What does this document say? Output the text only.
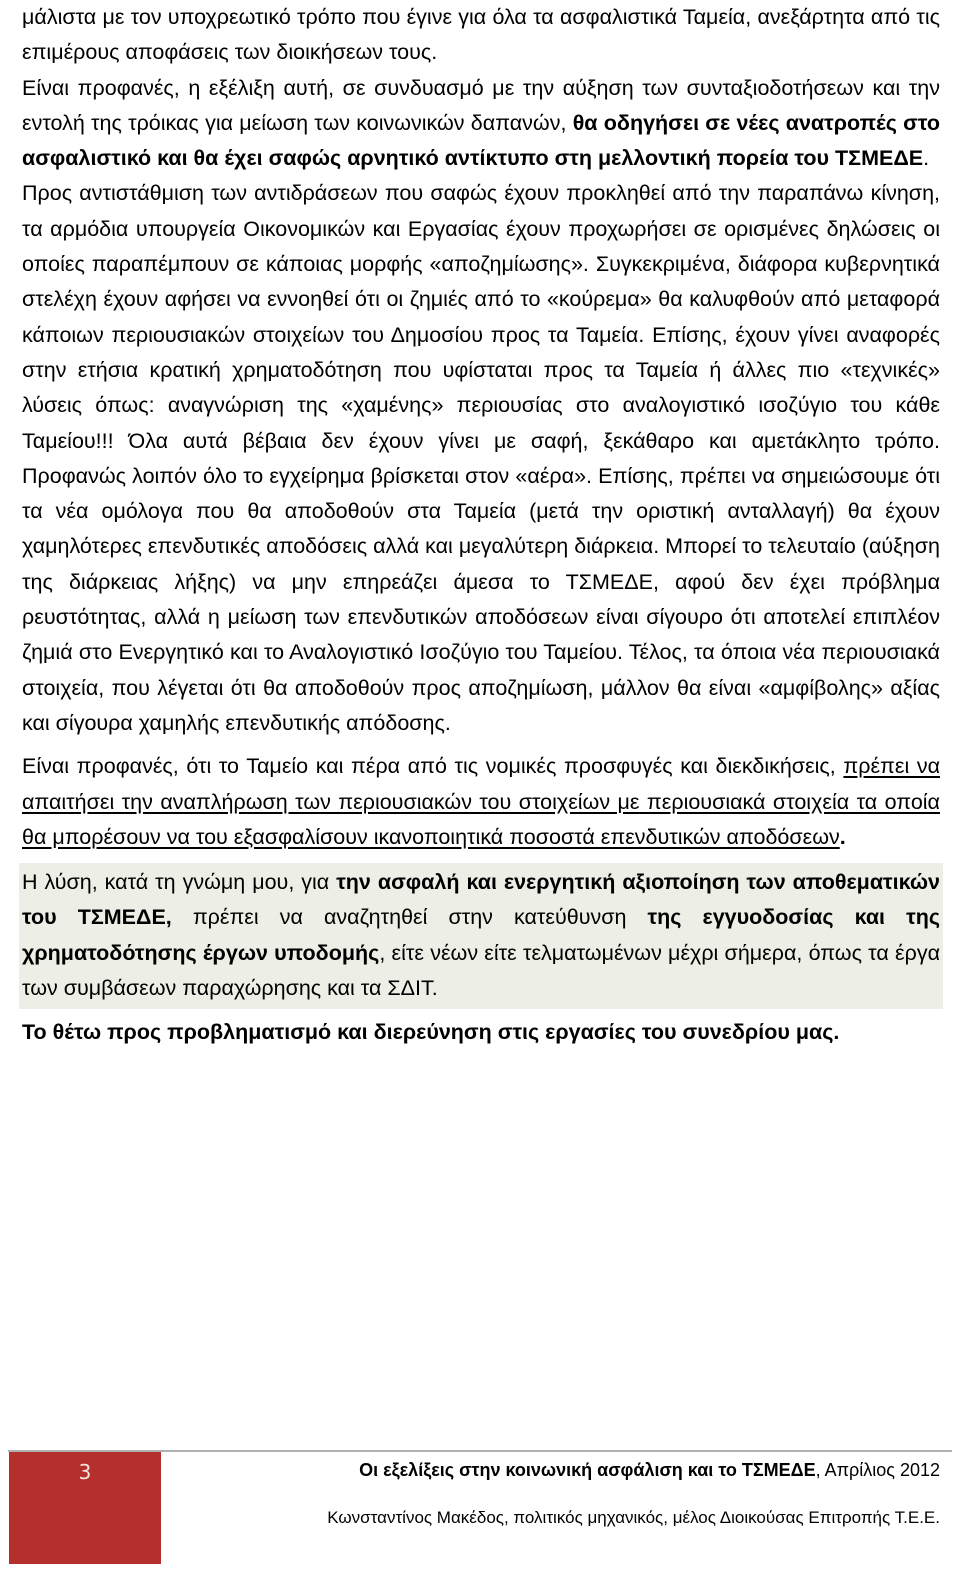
μάλιστα με τον υποχρεωτικό τρόπο που έγινε για όλα τα ασφαλιστικά Ταμεία, ανεξάρτητα από τις επιμέρους αποφάσεις των διοικήσεων τους.

Είναι προφανές, η εξέλιξη αυτή, σε συνδυασμό με την αύξηση των συνταξιοδοτήσεων και την εντολή της τρόικας για μείωση των κοινωνικών δαπανών, θα οδηγήσει σε νέες ανατροπές στο ασφαλιστικό και θα έχει σαφώς αρνητικό αντίκτυπο στη μελλοντική πορεία του ΤΣΜΕΔΕ.

Προς αντιστάθμιση των αντιδράσεων που σαφώς έχουν προκληθεί από την παραπάνω κίνηση, τα αρμόδια υπουργεία Οικονομικών και Εργασίας έχουν προχωρήσει σε ορισμένες δηλώσεις οι οποίες παραπέμπουν σε κάποιας μορφής «αποζημίωσης». Συγκεκριμένα, διάφορα κυβερνητικά στελέχη έχουν αφήσει να εννοηθεί ότι οι ζημιές από το «κούρεμα» θα καλυφθούν από μεταφορά κάποιων περιουσιακών στοιχείων του Δημοσίου προς τα Ταμεία. Επίσης, έχουν γίνει αναφορές στην ετήσια κρατική χρηματοδότηση που υφίσταται προς τα Ταμεία ή άλλες πιο «τεχνικές» λύσεις όπως: αναγνώριση της «χαμένης» περιουσίας στο αναλογιστικό ισοζύγιο του κάθε Ταμείου!!! Όλα αυτά βέβαια δεν έχουν γίνει με σαφή, ξεκάθαρο και αμετάκλητο τρόπο. Προφανώς λοιπόν όλο το εγχείρημα βρίσκεται στον «αέρα». Επίσης, πρέπει να σημειώσουμε ότι τα νέα ομόλογα που θα αποδοθούν στα Ταμεία (μετά την οριστική ανταλλαγή) θα έχουν χαμηλότερες επενδυτικές αποδόσεις αλλά και μεγαλύτερη διάρκεια. Μπορεί το τελευταίο (αύξηση της διάρκειας λήξης) να μην επηρεάζει άμεσα το ΤΣΜΕΔΕ, αφού δεν έχει πρόβλημα ρευστότητας, αλλά η μείωση των επενδυτικών αποδόσεων είναι σίγουρο ότι αποτελεί επιπλέον ζημιά στο Ενεργητικό και το Αναλογιστικό Ισοζύγιο του Ταμείου. Τέλος, τα όποια νέα περιουσιακά στοιχεία, που λέγεται ότι θα αποδοθούν προς αποζημίωση, μάλλον θα είναι «αμφίβολης» αξίας και σίγουρα χαμηλής επενδυτικής απόδοσης.

Είναι προφανές, ότι το Ταμείο και πέρα από τις νομικές προσφυγές και διεκδικήσεις, πρέπει να απαιτήσει την αναπλήρωση των περιουσιακών του στοιχείων με περιουσιακά στοιχεία τα οποία θα μπορέσουν να του εξασφαλίσουν ικανοποιητικά ποσοστά επενδυτικών αποδόσεων.

Η λύση, κατά τη γνώμη μου, για την ασφαλή και ενεργητική αξιοποίηση των αποθεματικών του ΤΣΜΕΔΕ, πρέπει να αναζητηθεί στην κατεύθυνση της εγγυοδοσίας και της χρηματοδότησης έργων υποδομής, είτε νέων είτε τελματωμένων μέχρι σήμερα, όπως τα έργα των συμβάσεων παραχώρησης και τα ΣΔΙΤ.

Το θέτω προς προβληματισμό και διερεύνηση στις εργασίες του συνεδρίου μας.

3	Οι εξελίξεις στην κοινωνική ασφάλιση και το ΤΣΜΕΔΕ, Απρίλιος 2012
Κωνσταντίνος Μακέδος, πολιτικός μηχανικός, μέλος Διοικούσας Επιτροπής Τ.Ε.Ε.
